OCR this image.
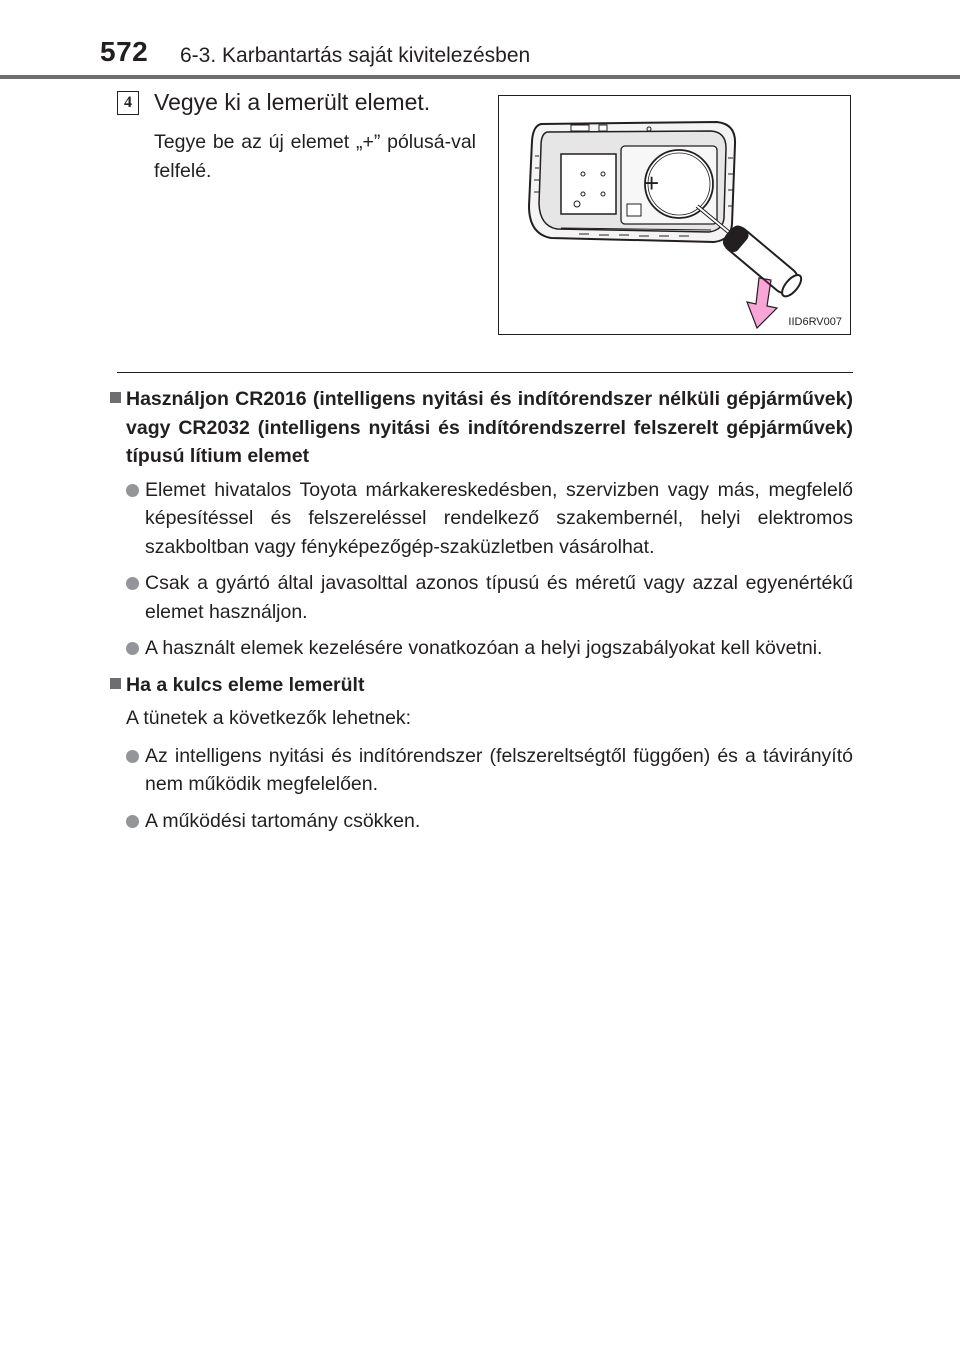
572 6-3. Karbantartás saját kivitelezésben
4 Vegye ki a lemerült elemet.
Tegye be az új elemet „+” pólusá-val felfelé.	+
IID6RV007
Használjon CR2016 (intelligens nyitási és indítórendszer nélküli gépjárművek) vagy CR2032 (intelligens nyitási és indítórendszerrel felszerelt gépjárművek) típusú lítium elemet
Elemet hivatalos Toyota márkakereskedésben, szervizben vagy más, megfelelő képesítéssel és felszereléssel rendelkező szakembernél, helyi elektromos szakboltban vagy fényképezőgép-szaküzletben vásárolhat.
Csak a gyártó által javasolttal azonos típusú és méretű vagy azzal egyenértékű elemet használjon.
A használt elemek kezelésére vonatkozóan a helyi jogszabályokat kell követni.
Ha a kulcs eleme lemerült
A tünetek a következők lehetnek:
Az intelligens nyitási és indítórendszer (felszereltségtől függően) és a távirányító nem működik megfelelően.
A működési tartomány csökken.
